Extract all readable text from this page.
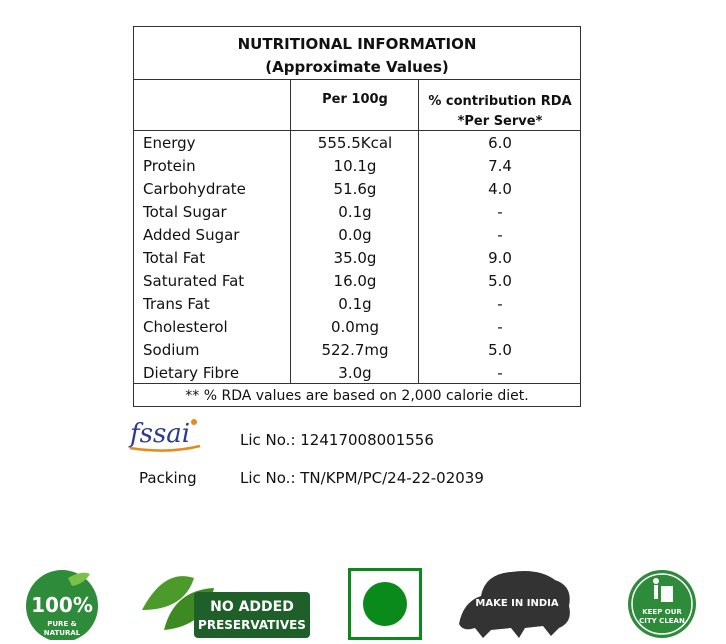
NUTRITIONAL INFORMATION
(Approximate Values)
Per 100g	% contribution RDA
*Per Serve*
Energy	555.5Kcal	6.0
Protein	10.1g	7.4
Carbohydrate	51.6g	4.0
Total Sugar	0.1g	-
Added Sugar	0.0g	-
Total Fat	35.0g	9.0
Saturated Fat	16.0g	5.0
Trans Fat	0.1g	-
Cholesterol	0.0mg	-
Sodium	522.7mg	5.0
Dietary Fibre	3.0g	-
** % RDA values are based on 2,000 calorie diet.
fssai	Lic No.: 12417008001556
Packing	Lic No.: TN/KPM/PC/24-22-02039
100%
PURE &
NATURAL
NO ADDED
PRESERVATIVES
MAKE IN INDIA
KEEP OUR
CITY CLEAN
